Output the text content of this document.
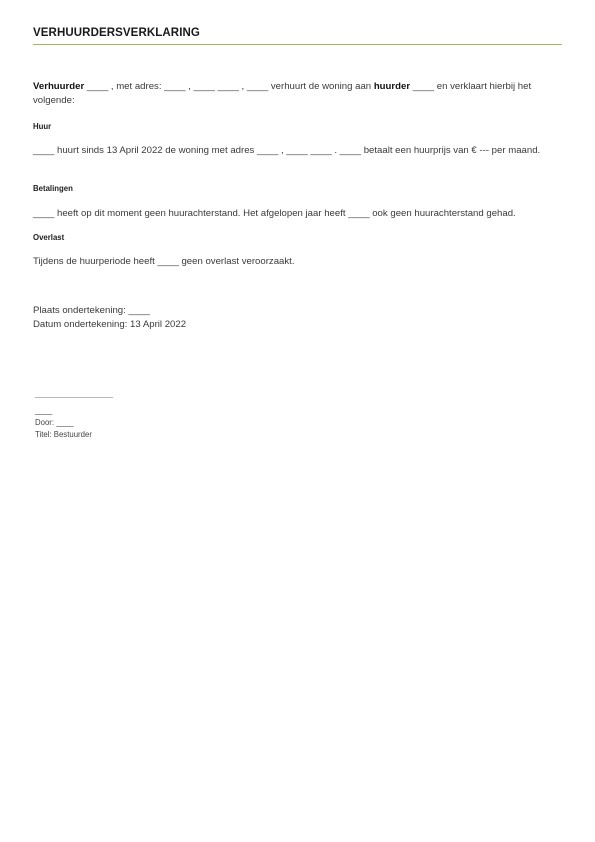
VERHUURDERSVERKLARING
Verhuurder ____ , met adres: ____ , ____ ____ , ____ verhuurt de woning aan huurder ____ en verklaart hierbij het volgende:
Huur
____ huurt sinds 13 April 2022 de woning met adres ____ , ____ ____ . ____ betaalt een huurprijs van € --- per maand.
Betalingen
____ heeft op dit moment geen huurachterstand. Het afgelopen jaar heeft ____ ook geen huurachterstand gehad.
Overlast
Tijdens de huurperiode heeft ____ geen overlast veroorzaakt.
Plaats ondertekening: ____
Datum ondertekening: 13 April 2022
____
Door: ____
Titel: Bestuurder
